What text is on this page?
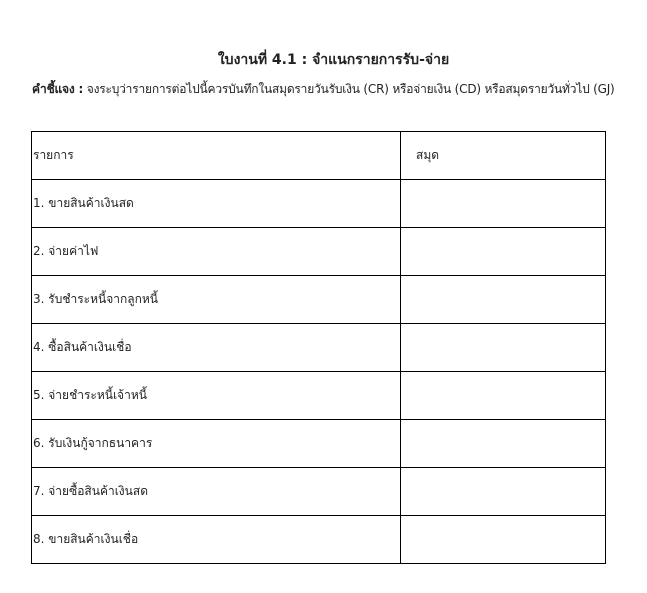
ใบงานที่ 4.1 : จำแนกรายการรับ-จ่าย
คำชี้แจง : จงระบุว่ารายการต่อไปนี้ควรบันทึกในสมุดรายวันรับเงิน (CR) หรือจ่ายเงิน (CD) หรือสมุดรายวันทั่วไป (GJ)
รายการ	สมุด
1. ขายสินค้าเงินสด	
2. จ่ายค่าไฟ	
3. รับชำระหนี้จากลูกหนี้	
4. ซื้อสินค้าเงินเชื่อ	
5. จ่ายชำระหนี้เจ้าหนี้	
6. รับเงินกู้จากธนาคาร	
7. จ่ายซื้อสินค้าเงินสด	
8. ขายสินค้าเงินเชื่อ	
